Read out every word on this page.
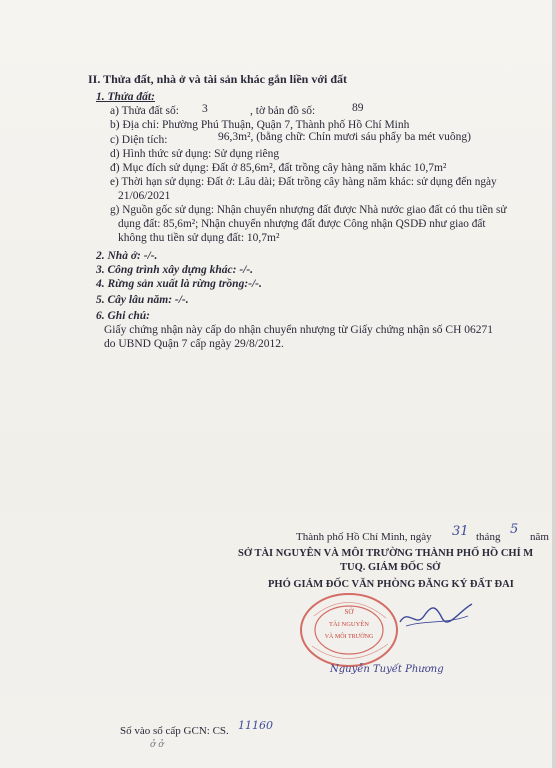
II. Thửa đất, nhà ở và tài sản khác gắn liền với đất
1. Thửa đất:
a) Thửa đất số: 3	, tờ bản đồ số:	89
b) Địa chỉ: Phường Phú Thuận, Quận 7, Thành phố Hồ Chí Minh
c) Diện tích:	96,3m², (bằng chữ: Chín mươi sáu phẩy ba mét vuông)
d) Hình thức sử dụng: Sử dụng riêng
đ) Mục đích sử dụng: Đất ở 85,6m², đất trồng cây hàng năm khác 10,7m²
e) Thời hạn sử dụng: Đất ở: Lâu dài; Đất trồng cây hàng năm khác: sử dụng đến ngày
21/06/2021
g) Nguồn gốc sử dụng: Nhận chuyển nhượng đất được Nhà nước giao đất có thu tiền sử
dụng đất: 85,6m²; Nhận chuyển nhượng đất được Công nhận QSDĐ như giao đất
không thu tiền sử dụng đất: 10,7m²
2. Nhà ở: -/-.
3. Công trình xây dựng khác: -/-.
4. Rừng sản xuất là rừng trồng:-/-.
5. Cây lâu năm: -/-.
6. Ghi chú:
Giấy chứng nhận này cấp do nhận chuyển nhượng từ Giấy chứng nhận số CH 06271
do UBND Quận 7 cấp ngày 29/8/2012.
Thành phố Hồ Chí Minh, ngày 31 tháng 5 năm
SỞ TÀI NGUYÊN VÀ MÔI TRƯỜNG THÀNH PHỐ HỒ CHÍ M
TUQ. GIÁM ĐỐC SỞ
PHÓ GIÁM ĐỐC VĂN PHÒNG ĐĂNG KÝ ĐẤT ĐAI
SỞ
TÀI NGUYÊN
VÀ MÔI TRƯỜNG
Nguyễn Tuyết Phương
Số vào sổ cấp GCN: CS. 11160
ở ở
